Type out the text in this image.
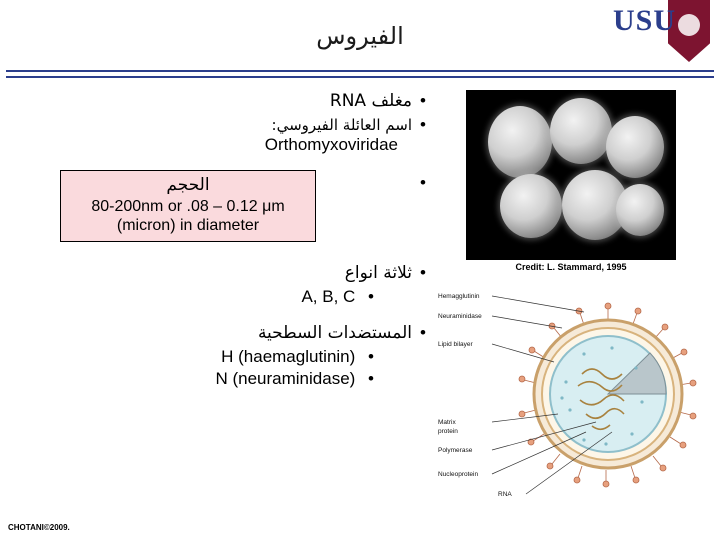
الفيروس	USU
•
مغلف RNA
•
اسم العائلة الفيروسي:
Orthomyxoviridae
الحجم
80-200nm or .08 – 0.12 μm
(micron) in diameter
•
•
ثلاثة انواع
A, B, C •
•
المستضدات السطحية
H (haemaglutinin) •
N (neuraminidase) •
Credit: L. Stammard, 1995
Hemagglutinin
Neuraminidase
Lipid bilayer
Matrix
protein
Polymerase
Nucleoprotein
RNA
CHOTANI©2009.
